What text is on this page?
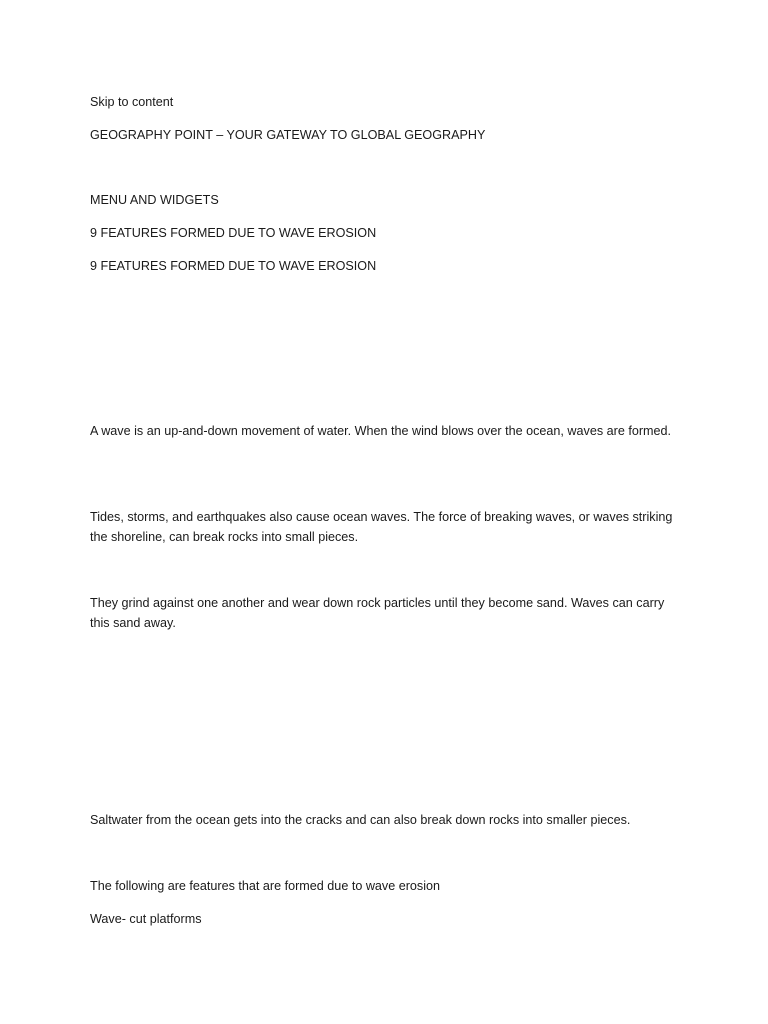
Skip to content

GEOGRAPHY POINT – YOUR GATEWAY TO GLOBAL GEOGRAPHY

MENU AND WIDGETS

9 FEATURES FORMED DUE TO WAVE EROSION

9 FEATURES FORMED DUE TO WAVE EROSION

A wave is an up-and-down movement of water. When the wind blows over the ocean, waves are formed.

Tides, storms, and earthquakes also cause ocean waves. The force of breaking waves, or waves striking the shoreline, can break rocks into small pieces.

They grind against one another and wear down rock particles until they become sand. Waves can carry this sand away.

Saltwater from the ocean gets into the cracks and can also break down rocks into smaller pieces.

The following are features that are formed due to wave erosion

Wave- cut platforms
